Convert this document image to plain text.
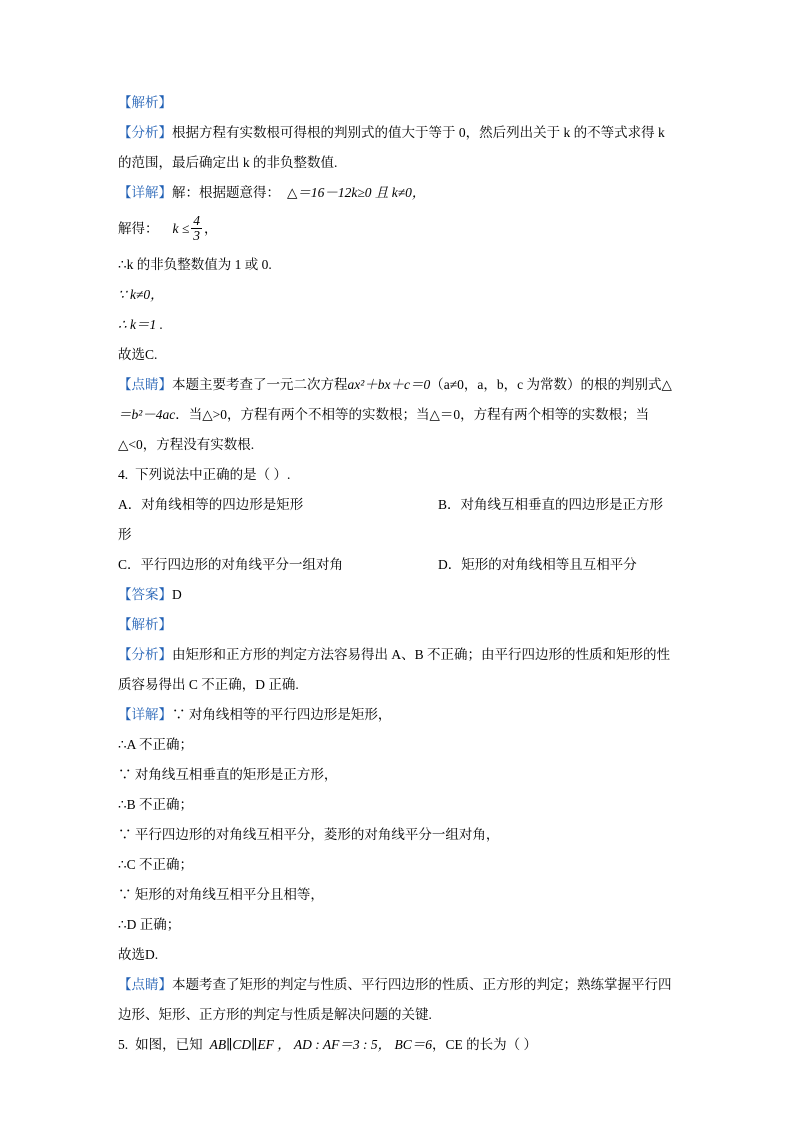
【解析】
【分析】根据方程有实数根可得根的判别式的值大于等于 0，然后列出关于 k 的不等式求得 k 的范围，最后确定出 k 的非负整数值.
【详解】解：根据题意得： △＝16－12k≥0 且 k≠0，
解得： $k \le \frac{4}{3}$ ，
∴k 的非负整数值为 1 或 0.
∵ k≠0，
∴ k＝1 .
故选C.
【点睛】本题主要考查了一元二次方程ax²＋bx＋c＝0（a≠0，a，b，c 为常数）的根的判别式△＝b²－4ac．当△>0，方程有两个不相等的实数根；当△＝0，方程有两个相等的实数根；当△<0，方程没有实数根.
4. 下列说法中正确的是（ ）.
A．对角线相等的四边形是矩形	B．对角线互相垂直的四边形是正方形
形
C．平行四边形的对角线平分一组对角	D．矩形的对角线相等且互相平分
【答案】D
【解析】
【分析】由矩形和正方形的判定方法容易得出 A、B 不正确；由平行四边形的性质和矩形的性质容易得出 C 不正确，D 正确.
【详解】∵ 对角线相等的平行四边形是矩形，
∴A 不正确；
∵ 对角线互相垂直的矩形是正方形，
∴B 不正确；
∵ 平行四边形的对角线互相平分，菱形的对角线平分一组对角，
∴C 不正确；
∵ 矩形的对角线互相平分且相等，
∴D 正确；
故选D.
【点睛】本题考查了矩形的判定与性质、平行四边形的性质、正方形的判定；熟练掌握平行四边形、矩形、正方形的判定与性质是解决问题的关键.
5. 如图，已知 AB∥CD∥EF ， AD : AF＝3 : 5， BC＝6，CE 的长为（ ）
